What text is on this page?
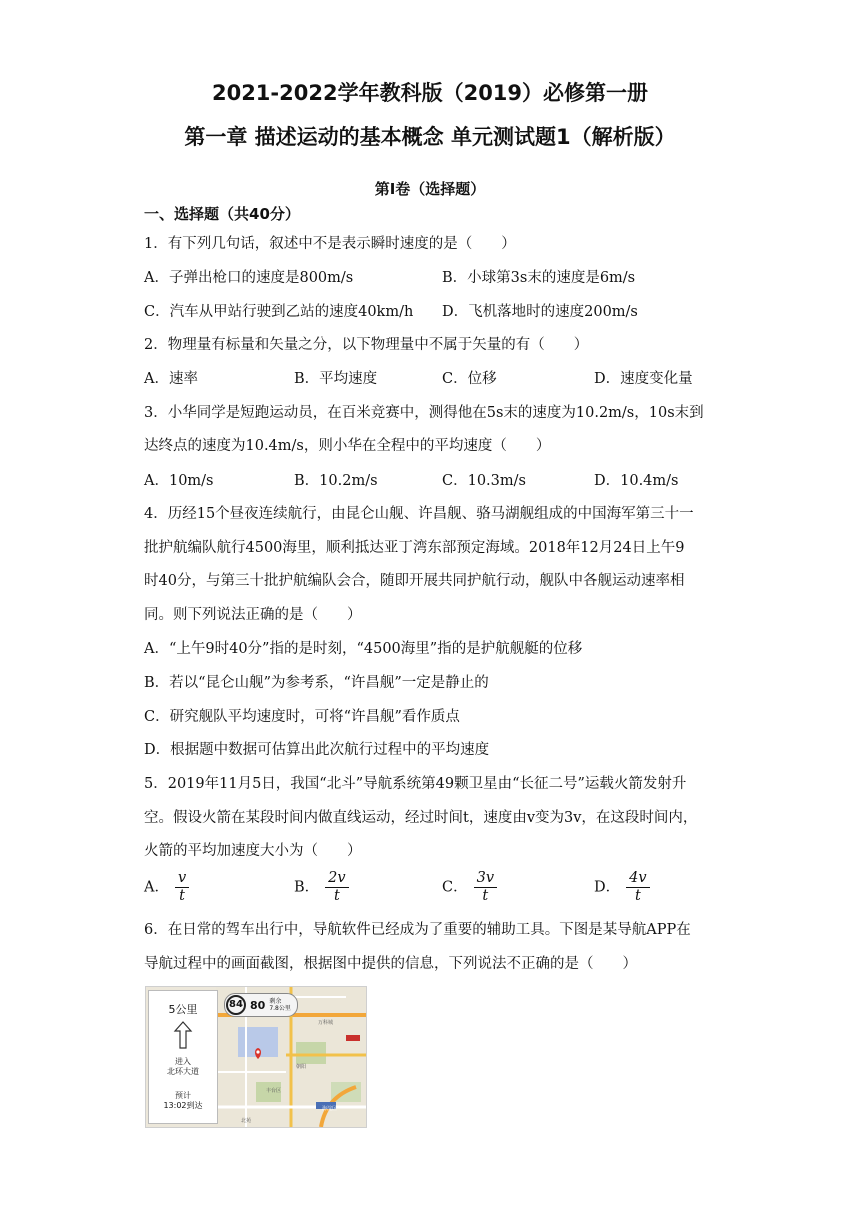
2021-2022学年教科版（2019）必修第一册
第一章 描述运动的基本概念 单元测试题1（解析版）
第Ⅰ卷（选择题）
一、选择题（共40分）
1．有下列几句话，叙述中不是表示瞬时速度的是（　　）
A．子弹出枪口的速度是800m/s	B．小球第3s末的速度是6m/s
C．汽车从甲站行驶到乙站的速度40km/h D．飞机落地时的速度200m/s
2．物理量有标量和矢量之分，以下物理量中不属于矢量的有（　　）
A．速率	B．平均速度	C．位移	D．速度变化量
3．小华同学是短跑运动员，在百米竞赛中，测得他在5s末的速度为10.2m/s，10s末到
达终点的速度为10.4m/s，则小华在全程中的平均速度（　　）
A．10m/s	B．10.2m/s	C．10.3m/s	D．10.4m/s
4．历经15个昼夜连续航行，由昆仑山舰、许昌舰、骆马湖舰组成的中国海军第三十一
批护航编队航行4500海里，顺利抵达亚丁湾东部预定海域。2018年12月24日上午9
时40分，与第三十批护航编队会合，随即开展共同护航行动，舰队中各舰运动速率相
同。则下列说法正确的是（　　）
A．“上午9时40分”指的是时刻，“4500海里”指的是护航舰艇的位移
B．若以“昆仑山舰”为参考系，“许昌舰”一定是静止的
C．研究舰队平均速度时，可将“许昌舰”看作质点
D．根据题中数据可估算出此次航行过程中的平均速度
5．2019年11月5日，我国“北斗”导航系统第49颗卫星由“长征二号”运载火箭发射升
空。假设火箭在某段时间内做直线运动，经过时间t，速度由v变为3v，在这段时间内，
火箭的平均加速度大小为（　　）
A． $\frac{v}{t}$	B． $\frac{2v}{t}$	C． $\frac{3v}{t}$	D． $\frac{4v}{t}$
6．在日常的驾车出行中，导航软件已经成为了重要的辅助工具。下图是某导航APP在
导航过程中的画面截图，根据图中提供的信息，下列说法不正确的是（　　）
万科城
海淀区
丰台区
朝阳
北苑
5公里
进入
北环大道
预计
13:02到达
84 80 剩余
7.8公里
